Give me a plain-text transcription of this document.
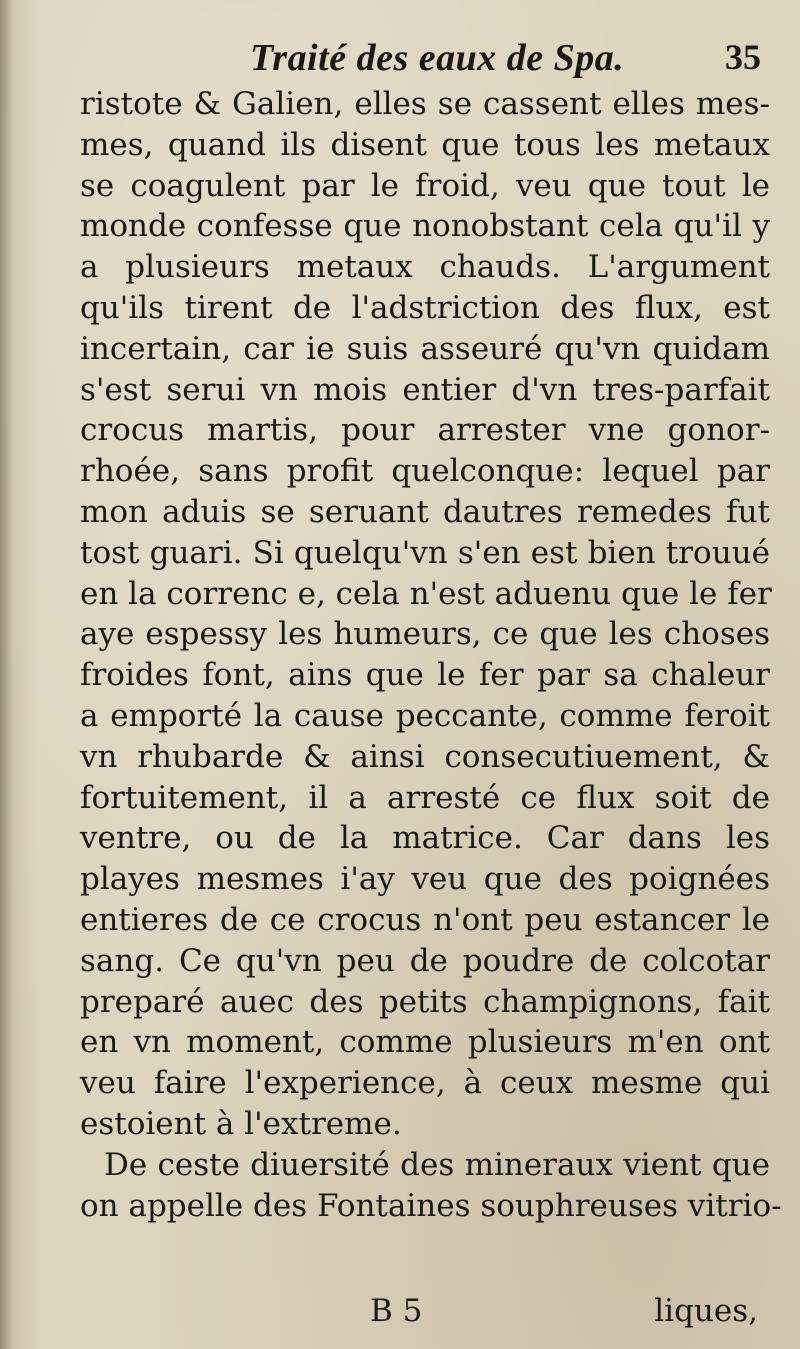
Traité des eaux de Spa.	35
ristote & Galien, elles se cassent elles mes-
mes, quand ils disent que tous les metaux
se coagulent par le froid, veu que tout le
monde confesse que nonobstant cela qu'il y
a plusieurs metaux chauds. L'argument
qu'ils tirent de l'adstriction des flux, est
incertain, car ie suis asseuré qu'vn quidam
s'est serui vn mois entier d'vn tres-parfait
crocus martis, pour arrester vne gonor-
rhoée, sans profit quelconque: lequel par
mon aduis se seruant dautres remedes fut
tost guari. Si quelqu'vn s'en est bien trouué
en la correnc e, cela n'est aduenu que le fer
aye espessy les humeurs, ce que les choses
froides font, ains que le fer par sa chaleur
a emporté la cause peccante, comme feroit
vn rhubarde & ainsi consecutiuement, &
fortuitement, il a arresté ce flux soit de
ventre, ou de la matrice. Car dans les
playes mesmes i'ay veu que des poignées
entieres de ce crocus n'ont peu estancer le
sang. Ce qu'vn peu de poudre de colcotar
preparé auec des petits champignons, fait
en vn moment, comme plusieurs m'en ont
veu faire l'experience, à ceux mesme qui
estoient à l'extreme.
De ceste diuersité des mineraux vient que
on appelle des Fontaines souphreuses vitrio-
B 5	liques,
